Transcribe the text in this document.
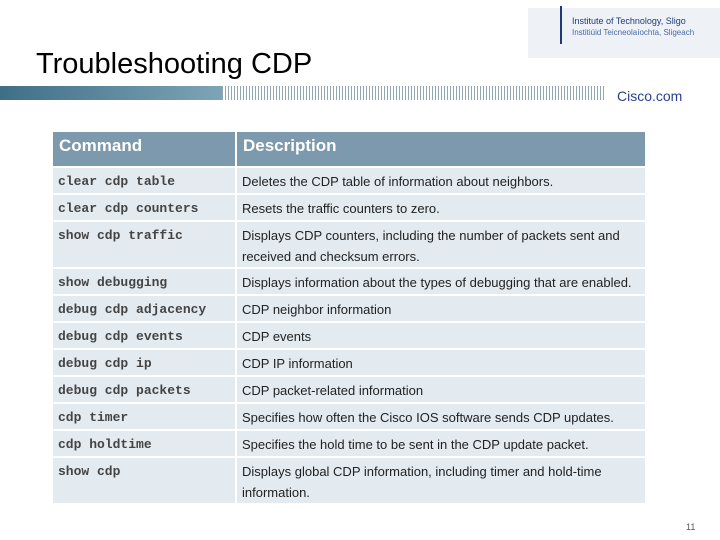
Institute of Technology, Sligo
Institiúid Teicneolaíochta, Sligeach
Troubleshooting CDP
Cisco.com
Command	Description
clear cdp table	Deletes the CDP table of information about neighbors.
clear cdp counters	Resets the traffic counters to zero.
show cdp traffic	Displays CDP counters, including the number of packets sent and received and checksum errors.
show debugging	Displays information about the types of debugging that are enabled.
debug cdp adjacency	CDP neighbor information
debug cdp events	CDP events
debug cdp ip	CDP IP information
debug cdp packets	CDP packet-related information
cdp timer	Specifies how often the Cisco IOS software sends CDP updates.
cdp holdtime	Specifies the hold time to be sent in the CDP update packet.
show cdp	Displays global CDP information, including timer and hold-time information.
11
